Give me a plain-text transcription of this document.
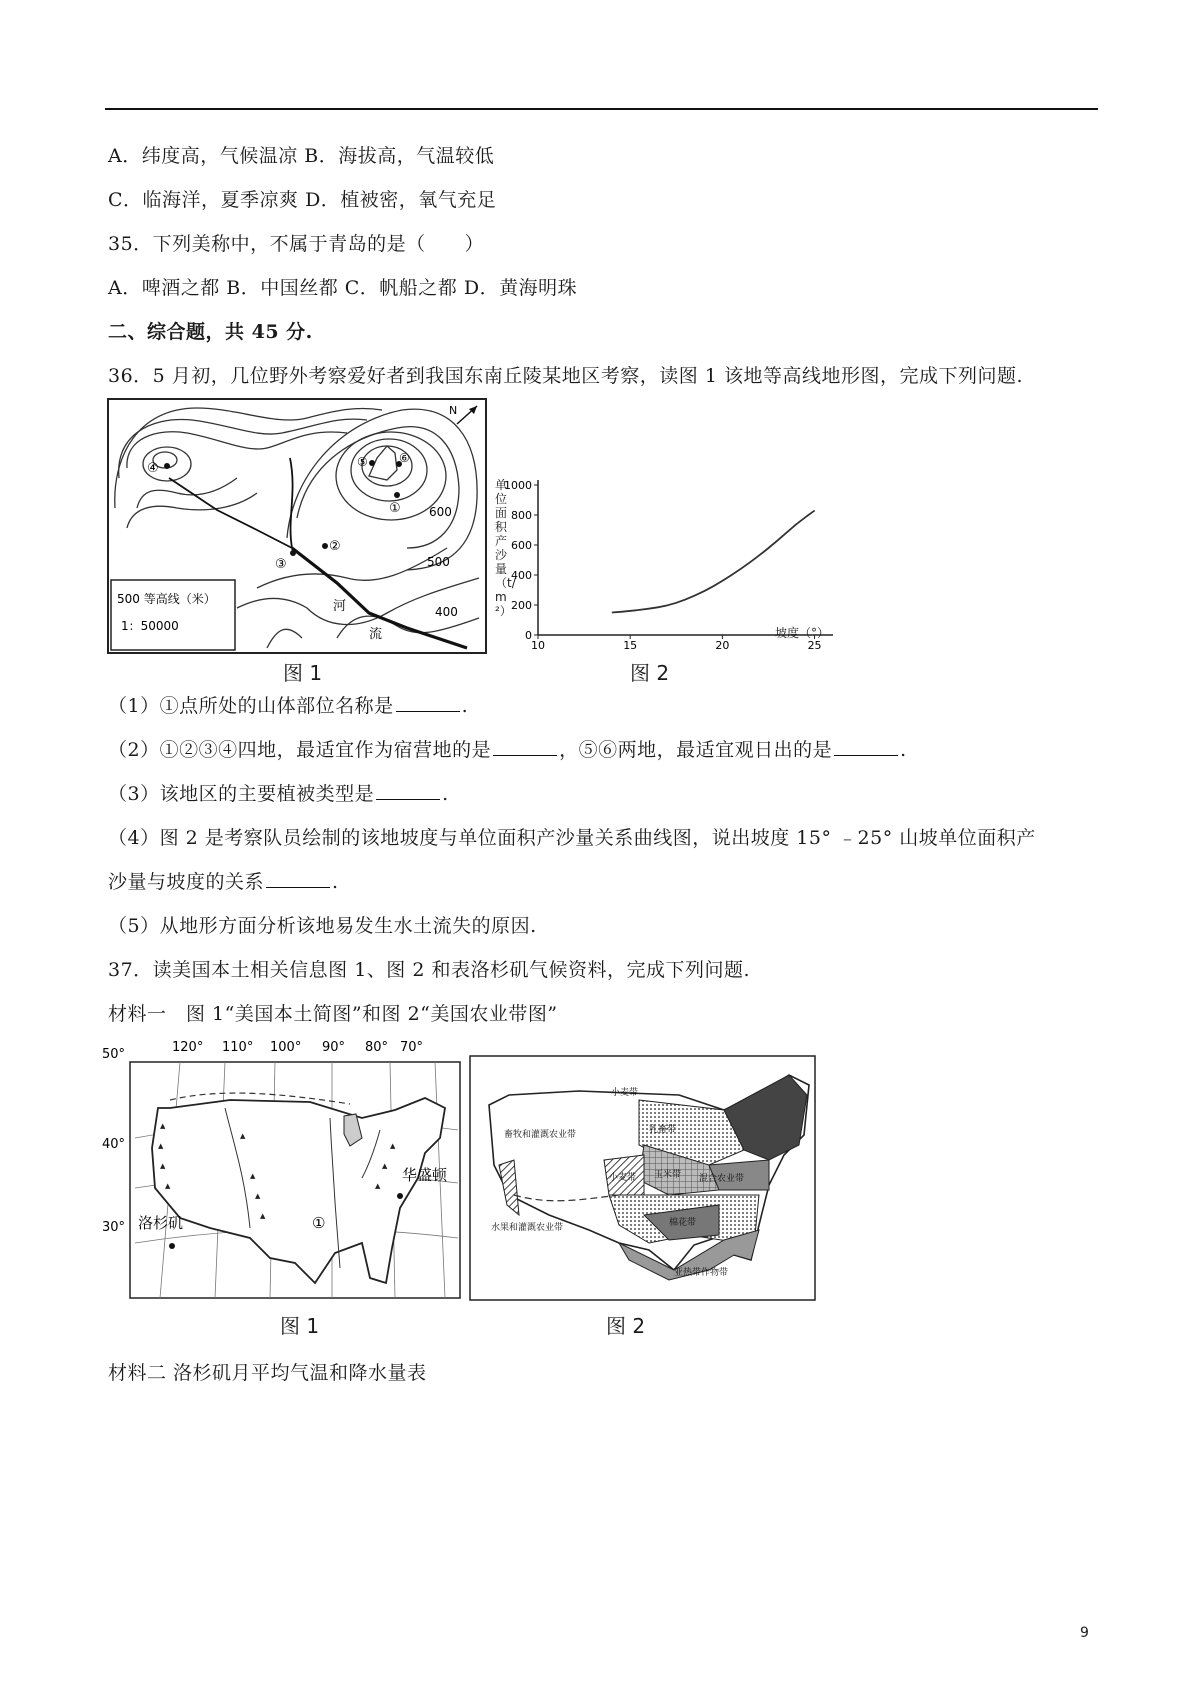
A．纬度高，气候温凉 B．海拔高，气温较低
C．临海洋，夏季凉爽 D．植被密，氧气充足
35．下列美称中，不属于青岛的是（　　）
A．啤酒之都 B．中国丝都 C．帆船之都 D．黄海明珠
二、综合题，共 45 分.
36．5 月初，几位野外考察爱好者到我国东南丘陵某地区考察，读图 1 该地等高线地形图，完成下列问题.
④
②
③
⑤	⑥
① 600
500
400
河
流
N
500 等高线（米）
1：50000
图 1
0
200
400
600
800
1000
10	15	20	25
单位面积产沙量（t/m²）
坡度（°）
图 2
（1）①点所处的山体部位名称是	.
（2）①②③④四地，最适宜作为宿营地的是	，⑤⑥两地，最适宜观日出的是	.
（3）该地区的主要植被类型是	.
（4）图 2 是考察队员绘制的该地坡度与单位面积产沙量关系曲线图，说出坡度 15° ﹣25° 山坡单位面积产
沙量与坡度的关系	.
（5）从地形方面分析该地易发生水土流失的原因.
37．读美国本土相关信息图 1、图 2 和表洛杉矶气候资料，完成下列问题.
材料一　图 1“美国本土简图”和图 2“美国农业带图”
▲
▲
▲
▲
▲
▲
▲
▲
▲
▲
▲
50°
40°
30°
120° 110° 100° 90° 80° 70°
洛杉矶
华盛顿
①
图 1
乳畜带
小麦带
畜牧和灌溉农业带
玉米带
小麦带	混合农业带
水果和灌溉农业带	棉花带
亚热带作物带
图 2
材料二 洛杉矶月平均气温和降水量表
9
